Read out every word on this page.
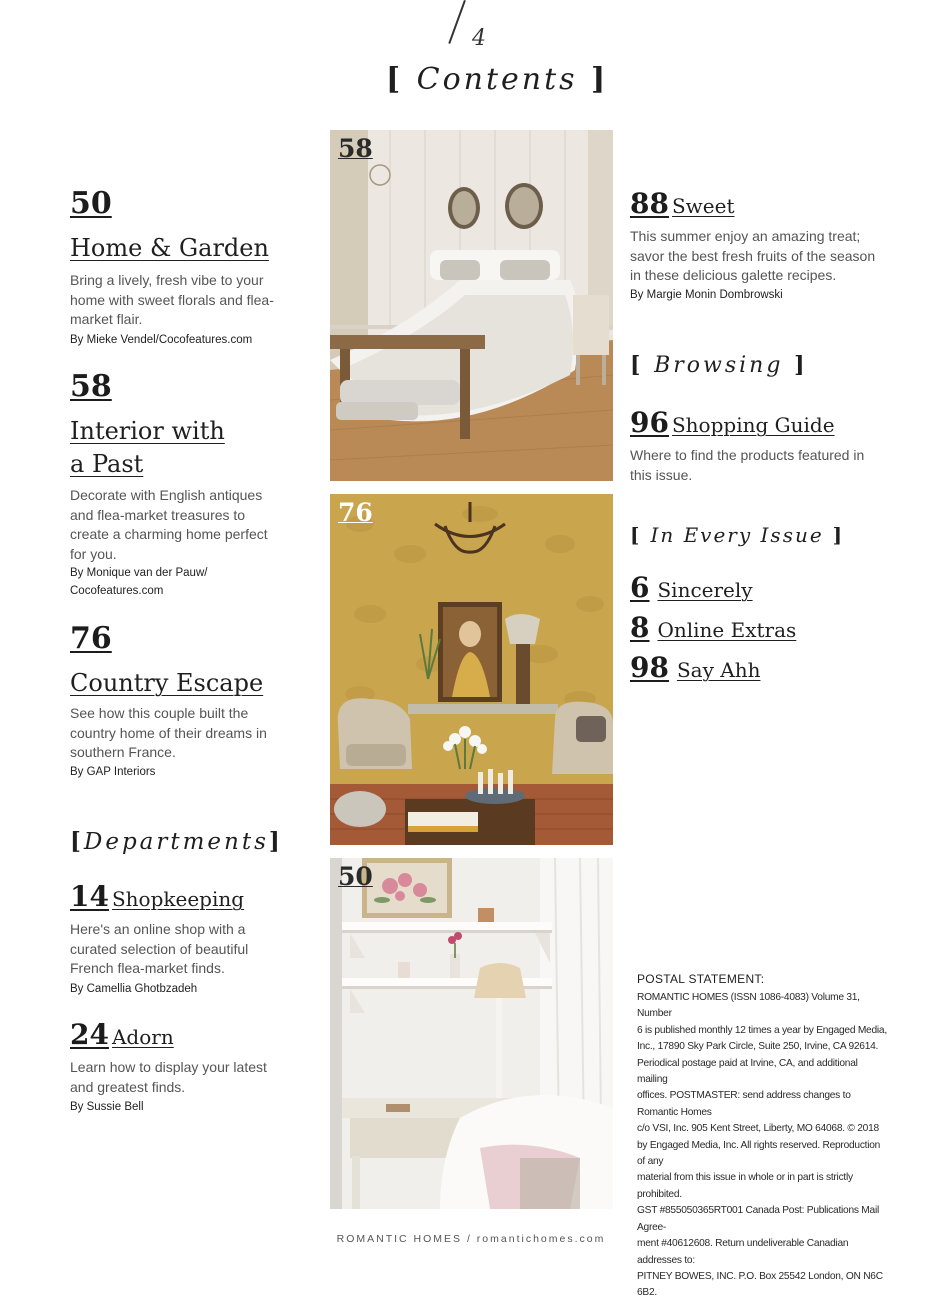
4
[ Contents ]
50
Home & Garden
Bring a lively, fresh vibe to your home with sweet florals and flea-market flair.
By Mieke Vendel/Cocofeatures.com
58
Interior with
a Past
Decorate with English antiques and flea-market treasures to create a charming home perfect for you.
By Monique van der Pauw/
Cocofeatures.com
76
Country Escape
See how this couple built the country home of their dreams in southern France.
By GAP Interiors
[Departments]
14 Shopkeeping
Here's an online shop with a curated selection of beautiful French flea-market finds.
By Camellia Ghotbzadeh
24 Adorn
Learn how to display your latest and greatest finds.
By Sussie Bell
58
76
50
88 Sweet
This summer enjoy an amazing treat; savor the best fresh fruits of the season in these delicious galette recipes.
By Margie Monin Dombrowski
[ Browsing ]
96 Shopping Guide
Where to find the products featured in this issue.
[ In Every Issue ]
6 Sincerely
8 Online Extras
98 Say Ahh
POSTAL STATEMENT:
ROMANTIC HOMES (ISSN 1086-4083) Volume 31, Number
6 is published monthly 12 times a year by Engaged Media,
Inc., 17890 Sky Park Circle, Suite 250, Irvine, CA 92614.
Periodical postage paid at Irvine, CA, and additional mailing
offices. POSTMASTER: send address changes to Romantic Homes
c/o VSI, Inc. 905 Kent Street, Liberty, MO 64068. © 2018
by Engaged Media, Inc. All rights reserved. Reproduction of any
material from this issue in whole or in part is strictly prohibited.
GST #855050365RT001 Canada Post: Publications Mail Agree-
ment #40612608. Return undeliverable Canadian addresses to:
PITNEY BOWES, INC. P.O. Box 25542 London, ON N6C 6B2.
ROMANTIC HOMES / romantichomes.com
